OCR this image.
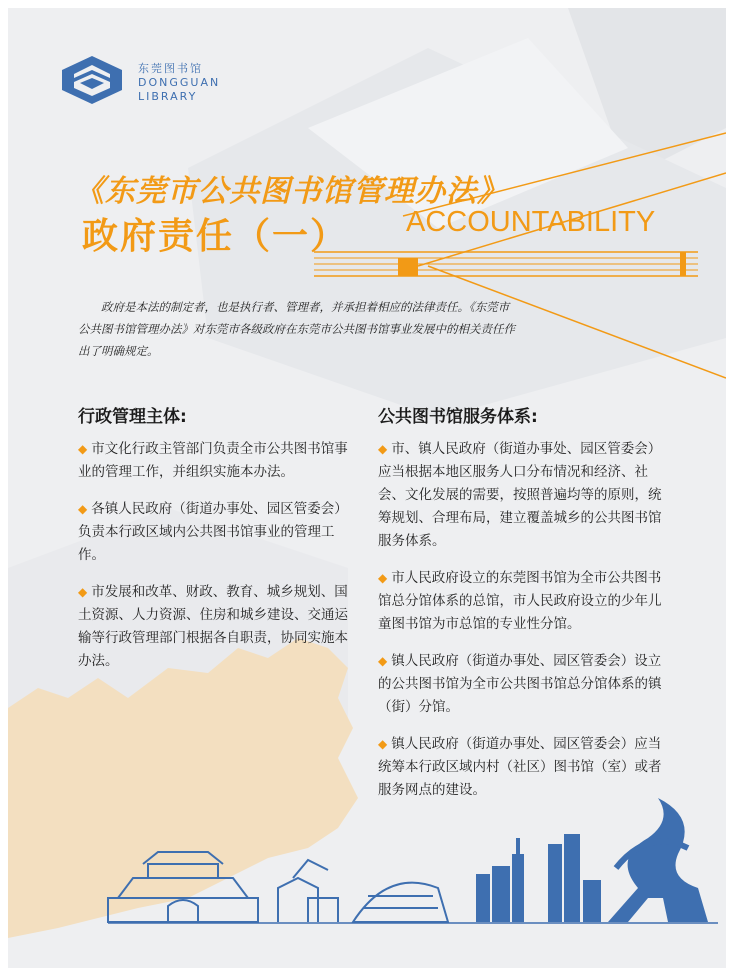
东莞图书馆
DONGGUAN
LIBRARY
《东莞市公共图书馆管理办法》
政府责任（一） ACCOUNTABILITY
政府是本法的制定者，也是执行者、管理者，并承担着相应的法律责任。《东莞市公共图书馆管理办法》对东莞市各级政府在东莞市公共图书馆事业发展中的相关责任作出了明确规定。
行政管理主体:
◆ 市文化行政主管部门负责全市公共图书馆事业的管理工作，并组织实施本办法。
◆ 各镇人民政府（街道办事处、园区管委会）负责本行政区域内公共图书馆事业的管理工作。
◆ 市发展和改革、财政、教育、城乡规划、国土资源、人力资源、住房和城乡建设、交通运输等行政管理部门根据各自职责，协同实施本办法。
公共图书馆服务体系:
◆ 市、镇人民政府（街道办事处、园区管委会）应当根据本地区服务人口分布情况和经济、社会、文化发展的需要，按照普遍均等的原则，统筹规划、合理布局，建立覆盖城乡的公共图书馆服务体系。
◆ 市人民政府设立的东莞图书馆为全市公共图书馆总分馆体系的总馆，市人民政府设立的少年儿童图书馆为市总馆的专业性分馆。
◆ 镇人民政府（街道办事处、园区管委会）设立的公共图书馆为全市公共图书馆总分馆体系的镇（街）分馆。
◆ 镇人民政府（街道办事处、园区管委会）应当统筹本行政区域内村（社区）图书馆（室）或者服务网点的建设。
